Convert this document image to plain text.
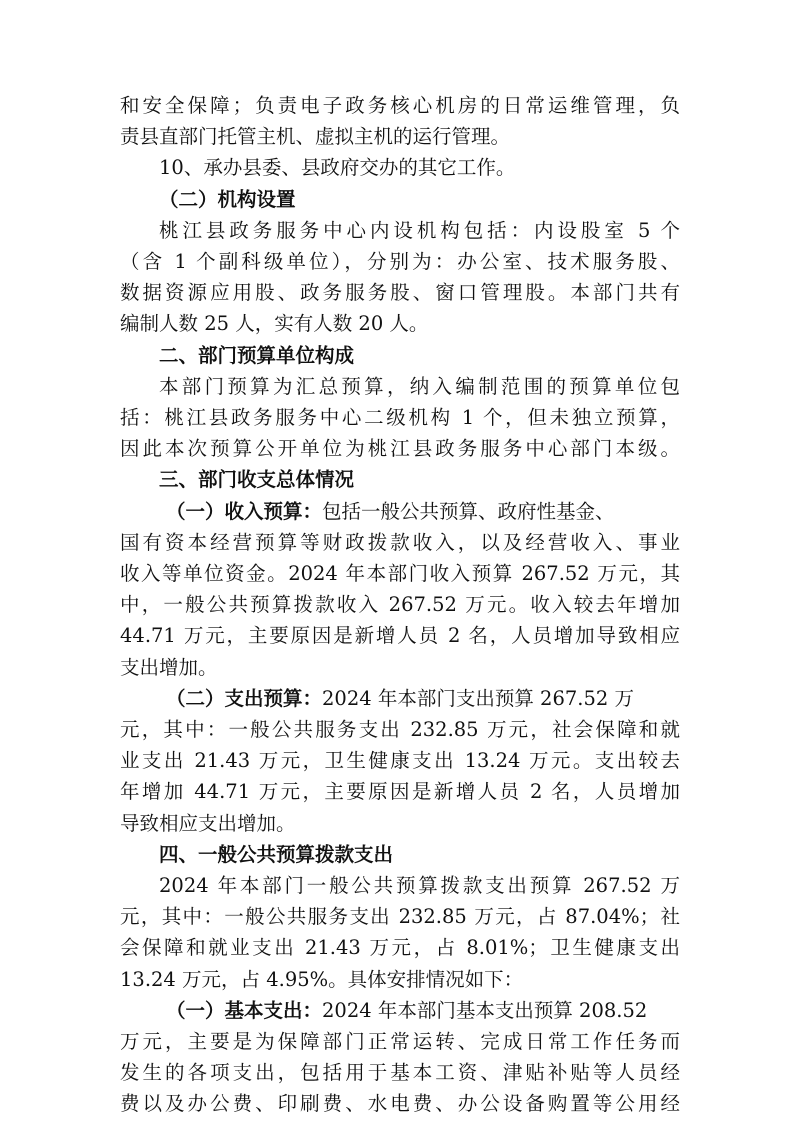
和安全保障；负责电子政务核心机房的日常运维管理，负
责县直部门托管主机、虚拟主机的运行管理。
10、承办县委、县政府交办的其它工作。
（二）机构设置
桃江县政务服务中心内设机构包括：内设股室 5 个
（含 1 个副科级单位），分别为：办公室、技术服务股、
数据资源应用股、政务服务股、窗口管理股。本部门共有
编制人数 25 人，实有人数 20 人。
二、部门预算单位构成
本部门预算为汇总预算，纳入编制范围的预算单位包
括：桃江县政务服务中心二级机构 1 个，但未独立预算，
因此本次预算公开单位为桃江县政务服务中心部门本级。
三、部门收支总体情况
（一）收入预算：包括一般公共预算、政府性基金、
国有资本经营预算等财政拨款收入，以及经营收入、事业
收入等单位资金。2024 年本部门收入预算 267.52 万元，其
中，一般公共预算拨款收入 267.52 万元。收入较去年增加
44.71 万元，主要原因是新增人员 2 名，人员增加导致相应
支出增加。
（二）支出预算：2024 年本部门支出预算 267.52 万
元，其中：一般公共服务支出 232.85 万元，社会保障和就
业支出 21.43 万元，卫生健康支出 13.24 万元。支出较去
年增加 44.71 万元，主要原因是新增人员 2 名，人员增加
导致相应支出增加。
四、一般公共预算拨款支出
2024 年本部门一般公共预算拨款支出预算 267.52 万
元，其中：一般公共服务支出 232.85 万元，占 87.04%；社
会保障和就业支出 21.43 万元，占 8.01%；卫生健康支出
13.24 万元，占 4.95%。具体安排情况如下：
（一）基本支出：2024 年本部门基本支出预算 208.52
万元，主要是为保障部门正常运转、完成日常工作任务而
发生的各项支出，包括用于基本工资、津贴补贴等人员经
费以及办公费、印刷费、水电费、办公设备购置等公用经
